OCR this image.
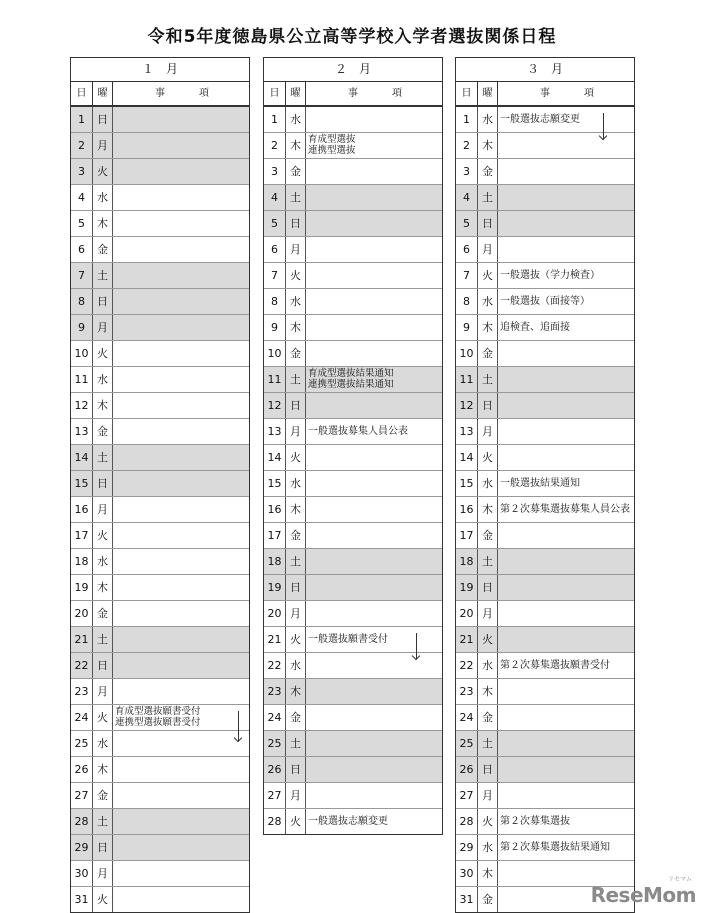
令和5年度徳島県公立高等学校入学者選抜関係日程
１　月
日	曜	事項
1	日
2	月
3	火
4	水
5	木
6	金
7	土
8	日
9	月
10 火
11 水
12 木
13 金
14 土
15 日
16 月
17 火
18 水
19 木
20 金
21 土
22 日
23 月
24 火 育成型選抜願書受付
連携型選抜願書受付
25 水
26 木
27 金
28 土
29 日
30 月
31 火
２　月
日	曜	事項
1	水
2	木 育成型選抜
連携型選抜
3	金
4	土
5	日
6	月
7	火
8	水
9	木
10 金
11 土 育成型選抜結果通知
連携型選抜結果通知
12 日
13 月 一般選抜募集人員公表
14 火
15 水
16 木
17 金
18 土
19 日
20 月
21 火 一般選抜願書受付
22 水
23 木
24 金
25 土
26 日
27 月
28 火 一般選抜志願変更
３　月
日	曜	事項
1	水 一般選抜志願変更
2	木
3	金
4	土
5	日
6	月
7	火 一般選抜（学力検査）
8	水 一般選抜（面接等）
9	木 追検査、追面接
10 金
11 土
12 日
13 月
14 火
15 水 一般選抜結果通知
16 木 第２次募集選抜募集人員公表
17 金
18 土
19 日
20 月
21 火
22 水 第２次募集選抜願書受付
23 木
24 金
25 土
26 日
27 月
28 火 第２次募集選抜
29 水 第２次募集選抜結果通知
30 木
31 金
リセマム
ReseMom
